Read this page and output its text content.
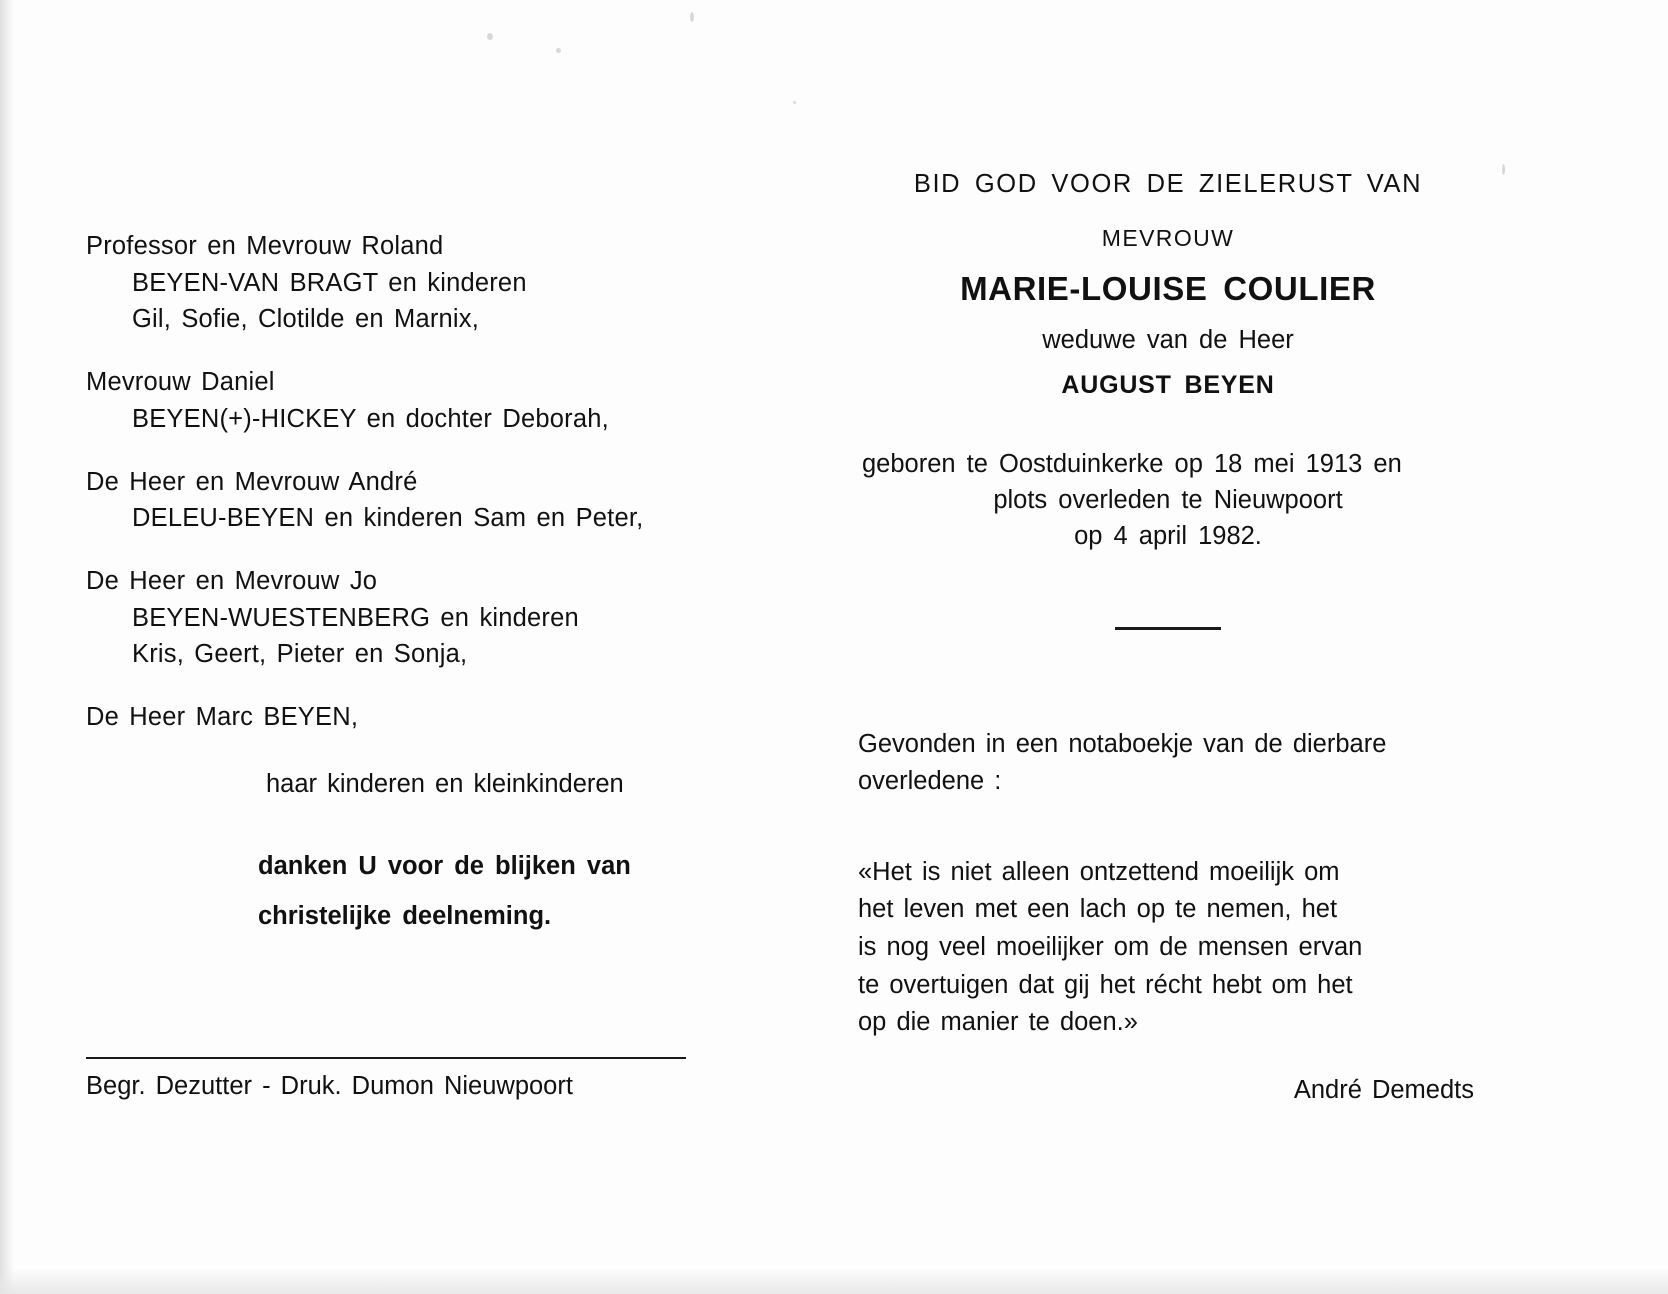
Professor en Mevrouw Roland
BEYEN-VAN BRAGT en kinderen
Gil, Sofie, Clotilde en Marnix,
Mevrouw Daniel
BEYEN(+)-HICKEY en dochter Deborah,
De Heer en Mevrouw André
DELEU-BEYEN en kinderen Sam en Peter,
De Heer en Mevrouw Jo
BEYEN-WUESTENBERG en kinderen
Kris, Geert, Pieter en Sonja,
De Heer Marc BEYEN,
haar kinderen en kleinkinderen
danken U voor de blijken van
christelijke deelneming.
Begr. Dezutter - Druk. Dumon Nieuwpoort
BID GOD VOOR DE ZIELERUST VAN
MEVROUW
MARIE-LOUISE COULIER
weduwe van de Heer
AUGUST BEYEN
geboren te Oostduinkerke op 18 mei 1913 en
plots overleden te Nieuwpoort
op 4 april 1982.
Gevonden in een notaboekje van de dierbare
overledene :
«Het is niet alleen ontzettend moeilijk om
het leven met een lach op te nemen, het
is nog veel moeilijker om de mensen ervan
te overtuigen dat gij het récht hebt om het
op die manier te doen.»
André Demedts
